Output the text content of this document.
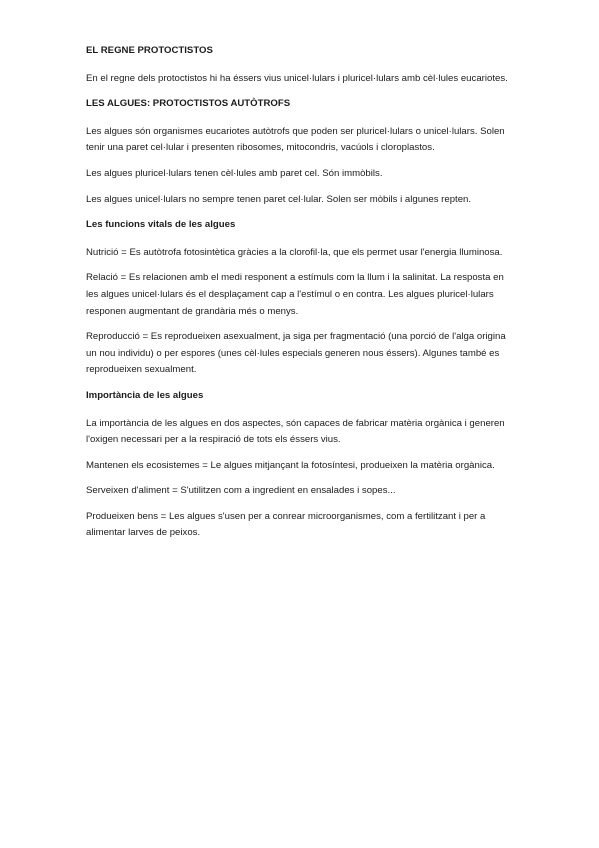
EL REGNE PROTOCTISTOS

En el regne dels protoctistos hi ha éssers vius unicel·lulars i pluricel·lulars amb cèl·lules eucariotes.

LES ALGUES: PROTOCTISTOS AUTÒTROFS

Les algues són organismes eucariotes autòtrofs que poden ser pluricel·lulars o unicel·lulars. Solen tenir una paret cel·lular i presenten ribosomes, mitocondris, vacúols i cloroplastos.

Les algues pluricel·lulars tenen cèl·lules amb paret cel. Són immòbils.

Les algues unicel·lulars no sempre tenen paret cel·lular. Solen ser mòbils i algunes repten.

Les funcions vitals de les algues

Nutrició = Es autòtrofa fotosintètica gràcies a la clorofil·la, que els permet usar l'energia lluminosa.

Relació = Es relacionen amb el medi responent a estímuls com la llum i la salinitat. La resposta en les algues unicel·lulars és el desplaçament cap a l'estímul o en contra. Les algues pluricel·lulars responen augmentant de grandària més o menys.

Reproducció = Es reprodueixen asexualment, ja siga per fragmentació (una porció de l'alga origina un nou individu) o per espores (unes cèl·lules especials generen nous éssers). Algunes també es reprodueixen sexualment.

Importància de les algues

La importància de les algues en dos aspectes, són capaces de fabricar matèria orgànica i generen l'oxigen necessari per a la respiració de tots els éssers vius.

Mantenen els ecosistemes = Le algues mitjançant la fotosíntesi, produeixen la matèria orgànica.

Serveixen d'aliment = S'utilitzen com a ingredient en ensalades i sopes...

Produeixen bens = Les algues s'usen per a conrear microorganismes, com a fertilitzant i per a alimentar larves de peixos.
